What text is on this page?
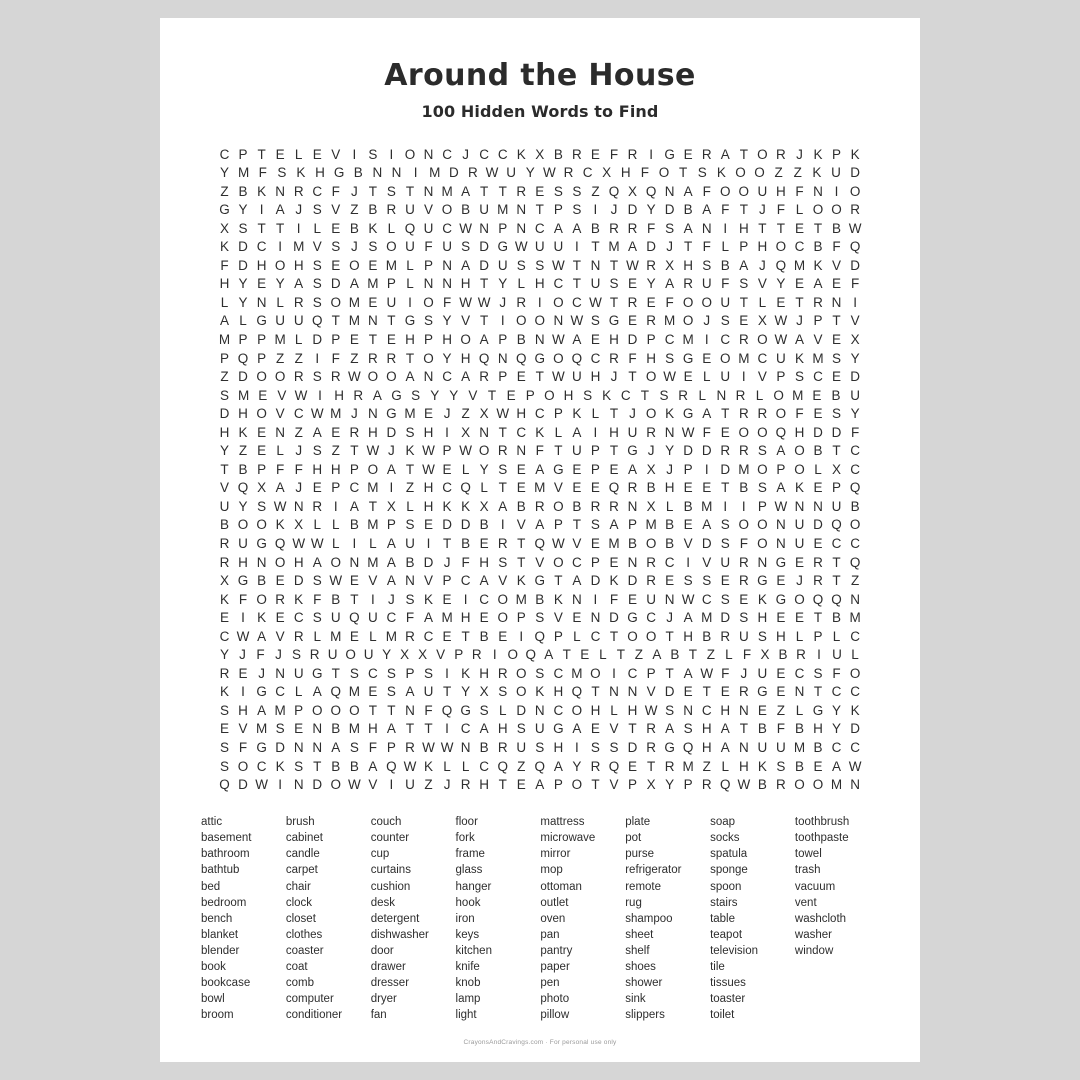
Around the House
100 Hidden Words to Find
C P T E L E V I S I O N C J C C K X B R E F R I G E R A T O R J K P K
Y M F S K H G B N N I M D R W U Y W R C X H F O T S K O O Z Z K U D
Z B K N R C F J T S T N M A T T R E S S Z Q X Q N A F O O U H F N I O
G Y I A J S V Z B R U V O B U M N T P S I J D Y D B A F T J F L O O R
X S T T I L E B K L Q U C W N P N C A A B R R F S A N I H T T E T B W
K D C I M V S J S O U F U S D G W U U I T M A D J T F L P H O C B F Q
F D H O H S E O E M L P N A D U S S W T N T W R X H S B A J Q M K V D
H Y E Y A S D A M P L N N H T Y L H C T U S E Y A R U F S V Y E A E F
L Y N L R S O M E U I O F W W J R I O C W T R E F O O U T L E T R N I
A L G U U Q T M N T G S Y V T I O O N W S G E R M O J S E X W J P T V
M P P M L D P E T E H P H O A P B N W A E H D P C M I C R O W A V E X
P Q P Z Z I F Z R R T O Y H Q N Q G O Q C R F H S G E O M C U K M S Y
Z D O O R S R W O O A N C A R P E T W U H J T O W E L U I V P S C E D
S M E V W I H R A G S Y Y V T E P O H S K C T S R L N R L O M E B U
D H O V C W M J N G M E J Z X W H C P K L T J O K G A T R R O F E S Y
H K E N Z A E R H D S H I X N T C K L A I H U R N W F E O O Q H D D F
Y Z E L J S Z T W J K W P W O R N F T U P T G J Y D D R R S A O B T C
T B P F F H H P O A T W E L Y S E A G E P E A X J P I D M O P O L X C
V Q X A J E P C M I Z H C Q L T E M V E E Q R B H E E T B S A K E P Q
U Y S W N R I A T X L H K K X A B R O B R R N X L B M I	I P W N N U B
B O O K X L L B M P S E D D B I V A P T S A P M B E A S O O N U D Q O
R U G Q W W L I L A U I T B E R T Q W V E M B O B V D S F O N U E C C
R H N O H A O N M A B D J F H S T V O C P E N R C I V U R N G E R T Q
X G B E D S W E V A N V P C A V K G T A D K D R E S S E R G E J R T Z
K F O R K F B T I J S K E I C O M B K N I F E U N W C S E K G O Q Q N
E I K E C S U Q U C F A M H E O P S V E N D G C J A M D S H E E T B M
C W A V R L M E L M R C E T B E I Q P L C T O O T H B R U S H L P L C
Y J F J S R U O U Y X X V P R I O Q A T E L T Z A B T Z L F X B R I U L
R E J N U G T S C S P S I K H R O S C M O I C P T A W F J U E C S F O
K I G C L A Q M E S A U T Y X S O K H Q T N N V D E T E R G E N T C C
S H A M P O O O T T N F Q G S L D N C O H L H W S N C H N E Z L G Y K
E V M S E N B M H A T T I C A H S U G A E V T R A S H A T B F B H Y D
S F G D N N A S F P R W W N B R U S H I S S D R G Q H A N U U M B C C
S O C K S T B B A Q W K L L C Q Z Q A Y R Q E T R M Z L H K S B E A W
Q D W I N D O W V I U Z J R H T E A P O T V P X Y P R Q W B R O O M N
attic
basement
bathroom
bathtub
bed
bedroom
bench
blanket
blender
book
bookcase
bowl
broom
brush
cabinet
candle
carpet
chair
clock
closet
clothes
coaster
coat
comb
computer
conditioner
couch
counter
cup
curtains
cushion
desk
detergent
dishwasher
door
drawer
dresser
dryer
fan
floor
fork
frame
glass
hanger
hook
iron
keys
kitchen
knife
knob
lamp
light
mattress
microwave
mirror
mop
ottoman
outlet
oven
pan
pantry
paper
pen
photo
pillow
plate
pot
purse
refrigerator
remote
rug
shampoo
sheet
shelf
shoes
shower
sink
slippers
soap
socks
spatula
sponge
spoon
stairs
table
teapot
television
tile
tissues
toaster
toilet
toothbrush
toothpaste
towel
trash
vacuum
vent
washcloth
washer
window
CrayonsAndCravings.com · For personal use only
